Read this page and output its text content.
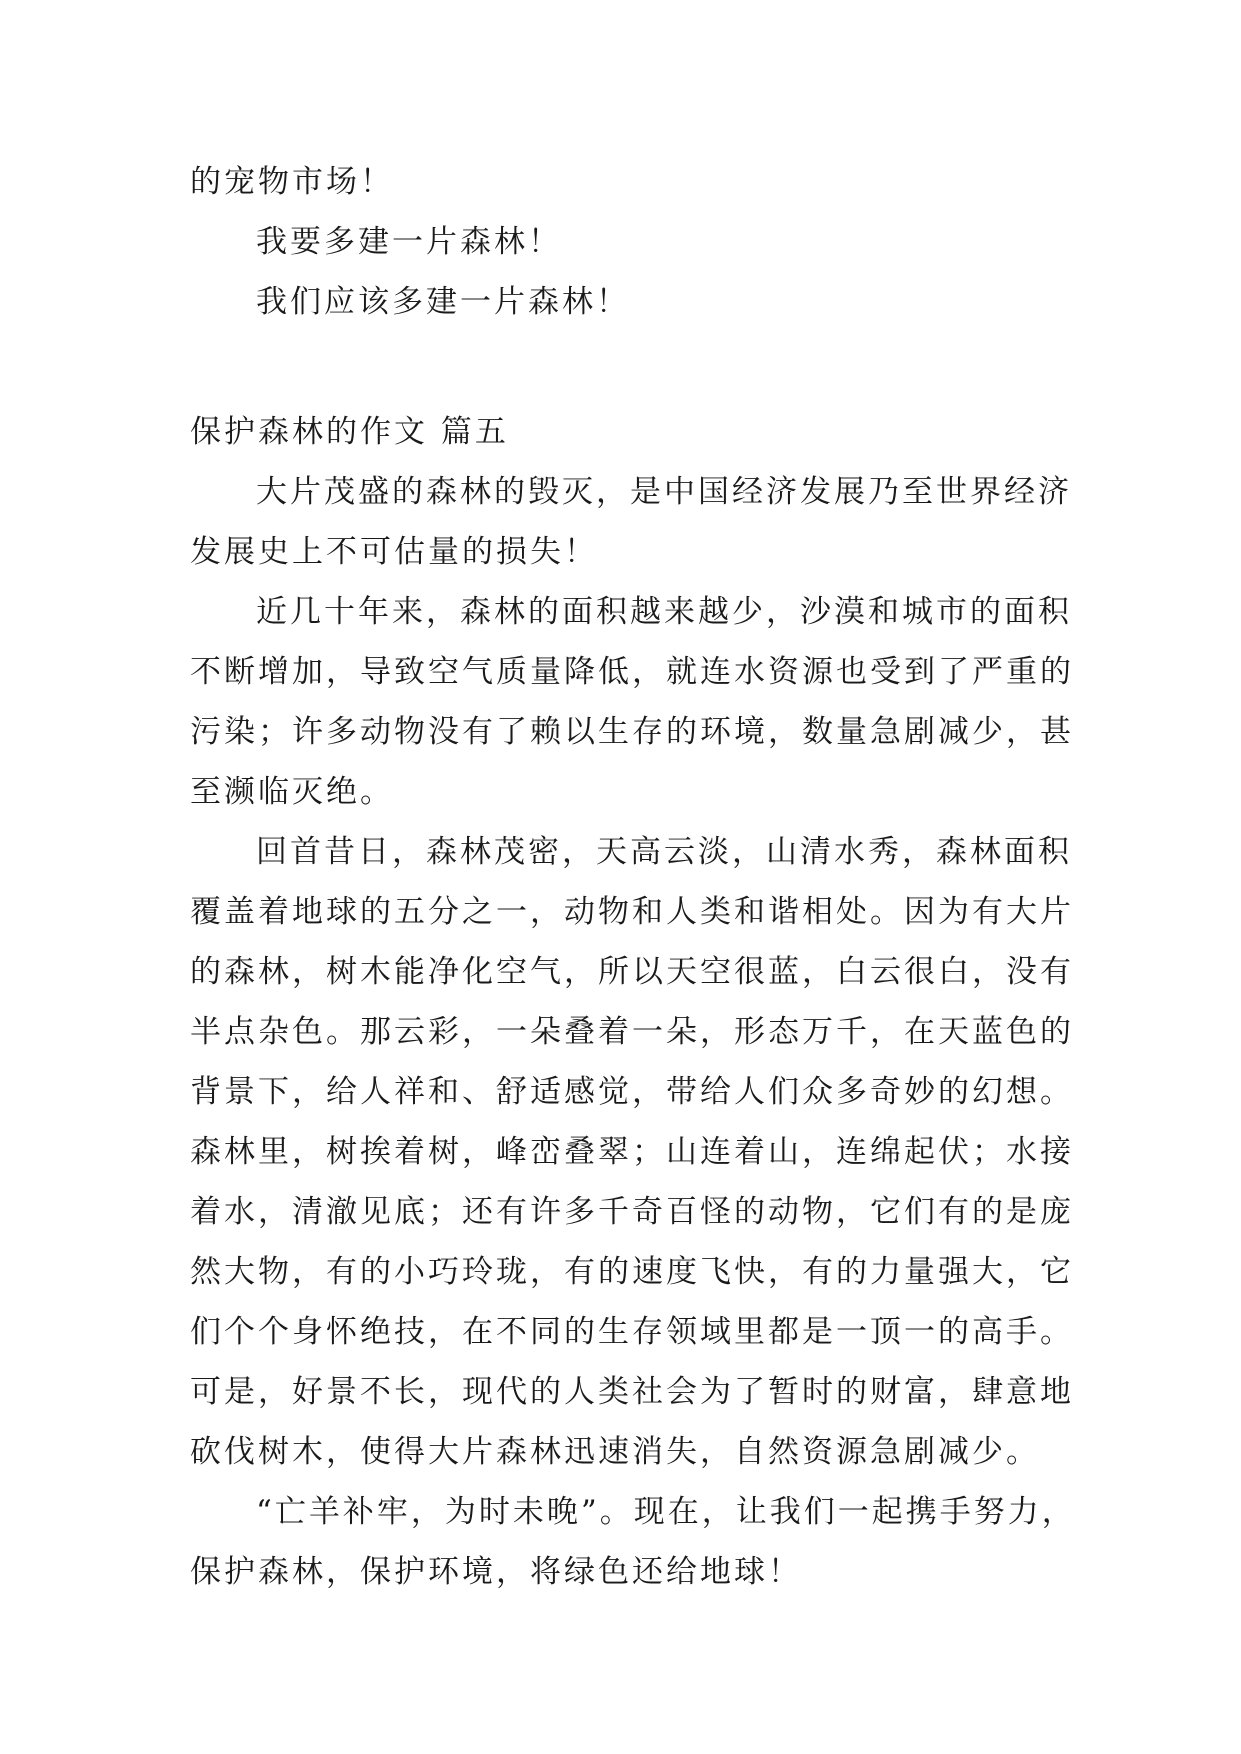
的宠物市场！
我要多建一片森林！
我们应该多建一片森林！
保护森林的作文 篇五
大片茂盛的森林的毁灭，是中国经济发展乃至世界经济
发展史上不可估量的损失！
近几十年来，森林的面积越来越少，沙漠和城市的面积
不断增加，导致空气质量降低，就连水资源也受到了严重的
污染；许多动物没有了赖以生存的环境，数量急剧减少，甚
至濒临灭绝。
回首昔日，森林茂密，天高云淡，山清水秀，森林面积
覆盖着地球的五分之一，动物和人类和谐相处。因为有大片
的森林，树木能净化空气，所以天空很蓝，白云很白，没有
半点杂色。那云彩，一朵叠着一朵，形态万千，在天蓝色的
背景下，给人祥和、舒适感觉，带给人们众多奇妙的幻想。
森林里，树挨着树，峰峦叠翠；山连着山，连绵起伏；水接
着水，清澈见底；还有许多千奇百怪的动物，它们有的是庞
然大物，有的小巧玲珑，有的速度飞快，有的力量强大，它
们个个身怀绝技，在不同的生存领域里都是一顶一的高手。
可是，好景不长，现代的人类社会为了暂时的财富，肆意地
砍伐树木，使得大片森林迅速消失，自然资源急剧减少。
“亡羊补牢，为时未晚”。现在，让我们一起携手努力，
保护森林，保护环境，将绿色还给地球！
